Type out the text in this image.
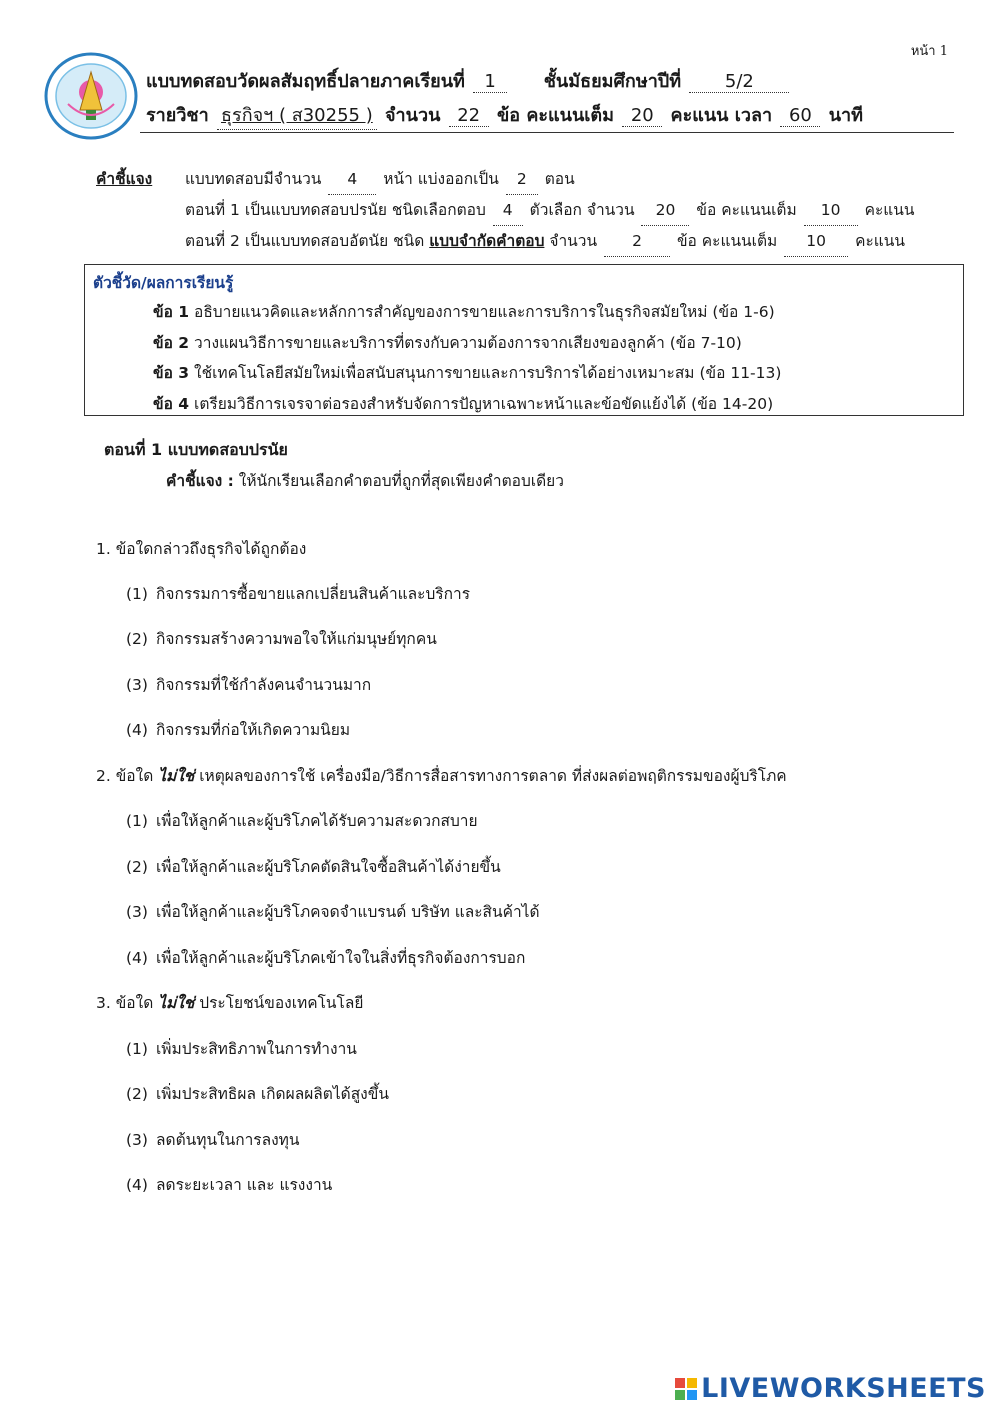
หน้า 1
แบบทดสอบวัดผลสัมฤทธิ์ปลายภาคเรียนที่ 1	ชั้นมัธยมศึกษาปีที่ 5/2
รายวิชา ธุรกิจฯ ( ส30255 ) จำนวน 22 ข้อ คะแนนเต็ม 20 คะแนน เวลา 60 นาที
คำชี้แจง แบบทดสอบมีจำนวน 4 หน้า แบ่งออกเป็น 2 ตอน
ตอนที่ 1 เป็นแบบทดสอบปรนัย ชนิดเลือกตอบ 4 ตัวเลือก จำนวน 20 ข้อ คะแนนเต็ม 10 คะแนน
ตอนที่ 2 เป็นแบบทดสอบอัตนัย ชนิด แบบจำกัดคำตอบ จำนวน 2 ข้อ คะแนนเต็ม 10 คะแนน
ตัวชี้วัด/ผลการเรียนรู้
ข้อ 1 อธิบายแนวคิดและหลักการสำคัญของการขายและการบริการในธุรกิจสมัยใหม่ (ข้อ 1-6)
ข้อ 2 วางแผนวิธีการขายและบริการที่ตรงกับความต้องการจากเสียงของลูกค้า (ข้อ 7-10)
ข้อ 3 ใช้เทคโนโลยีสมัยใหม่เพื่อสนับสนุนการขายและการบริการได้อย่างเหมาะสม (ข้อ 11-13)
ข้อ 4 เตรียมวิธีการเจรจาต่อรองสำหรับจัดการปัญหาเฉพาะหน้าและข้อขัดแย้งได้ (ข้อ 14-20)
ตอนที่ 1 แบบทดสอบปรนัย
คำชี้แจง : ให้นักเรียนเลือกคำตอบที่ถูกที่สุดเพียงคำตอบเดียว
1. ข้อใดกล่าวถึงธุรกิจได้ถูกต้อง
(1) กิจกรรมการซื้อขายแลกเปลี่ยนสินค้าและบริการ
(2) กิจกรรมสร้างความพอใจให้แก่มนุษย์ทุกคน
(3) กิจกรรมที่ใช้กำลังคนจำนวนมาก
(4) กิจกรรมที่ก่อให้เกิดความนิยม
2. ข้อใด ไม่ใช่ เหตุผลของการใช้ เครื่องมือ/วิธีการสื่อสารทางการตลาด ที่ส่งผลต่อพฤติกรรมของผู้บริโภค
(1) เพื่อให้ลูกค้าและผู้บริโภคได้รับความสะดวกสบาย
(2) เพื่อให้ลูกค้าและผู้บริโภคตัดสินใจซื้อสินค้าได้ง่ายขึ้น
(3) เพื่อให้ลูกค้าและผู้บริโภคจดจำแบรนด์ บริษัท และสินค้าได้
(4) เพื่อให้ลูกค้าและผู้บริโภคเข้าใจในสิ่งที่ธุรกิจต้องการบอก
3. ข้อใด ไม่ใช่ ประโยชน์ของเทคโนโลยี
(1) เพิ่มประสิทธิภาพในการทำงาน
(2) เพิ่มประสิทธิผล เกิดผลผลิตได้สูงขึ้น
(3) ลดต้นทุนในการลงทุน
(4) ลดระยะเวลา และ แรงงาน
LIVEWORKSHEETS
